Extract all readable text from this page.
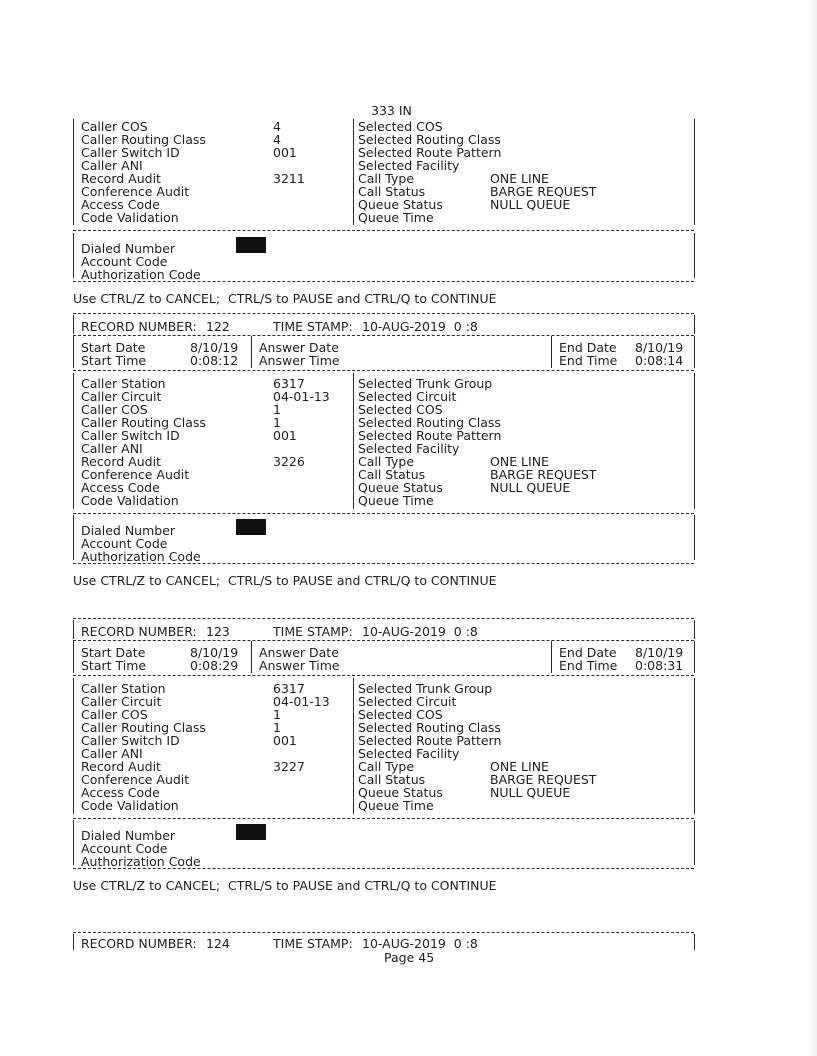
333 IN
Caller COS	4	Selected COS
Caller Routing Class	4	Selected Routing Class
Caller Switch ID	001	Selected Route Pattern
Caller ANI	Selected Facility
Record Audit	3211	Call Type	ONE LINE
Conference Audit	Call Status	BARGE REQUEST
Access Code	Queue Status	NULL QUEUE
Code Validation	Queue Time
Dialed Number
Account Code
Authorization Code
Use CTRL/Z to CANCEL;  CTRL/S to PAUSE and CTRL/Q to CONTINUE
RECORD NUMBER: 122	TIME STAMP: 10-AUG-2019  0 :8
Start Date	8/10/19
Start Time	0:08:12
Answer Date
Answer Time
End Date 8/10/19
End Time 0:08:14
Caller Station	6317	Selected Trunk Group
Caller Circuit	04-01-13 Selected Circuit
Caller COS	1	Selected COS
Caller Routing Class	1	Selected Routing Class
Caller Switch ID	001	Selected Route Pattern
Caller ANI	Selected Facility
Record Audit	3226	Call Type	ONE LINE
Conference Audit	Call Status	BARGE REQUEST
Access Code	Queue Status	NULL QUEUE
Code Validation	Queue Time
Dialed Number
Account Code
Authorization Code
Use CTRL/Z to CANCEL;  CTRL/S to PAUSE and CTRL/Q to CONTINUE
RECORD NUMBER: 123	TIME STAMP: 10-AUG-2019  0 :8
Start Date	8/10/19
Start Time	0:08:29
Answer Date
Answer Time
End Date 8/10/19
End Time 0:08:31
Caller Station	6317	Selected Trunk Group
Caller Circuit	04-01-13 Selected Circuit
Caller COS	1	Selected COS
Caller Routing Class	1	Selected Routing Class
Caller Switch ID	001	Selected Route Pattern
Caller ANI	Selected Facility
Record Audit	3227	Call Type	ONE LINE
Conference Audit	Call Status	BARGE REQUEST
Access Code	Queue Status	NULL QUEUE
Code Validation	Queue Time
Dialed Number
Account Code
Authorization Code
Use CTRL/Z to CANCEL;  CTRL/S to PAUSE and CTRL/Q to CONTINUE
RECORD NUMBER: 124	TIME STAMP: 10-AUG-2019  0 :8
Page 45
